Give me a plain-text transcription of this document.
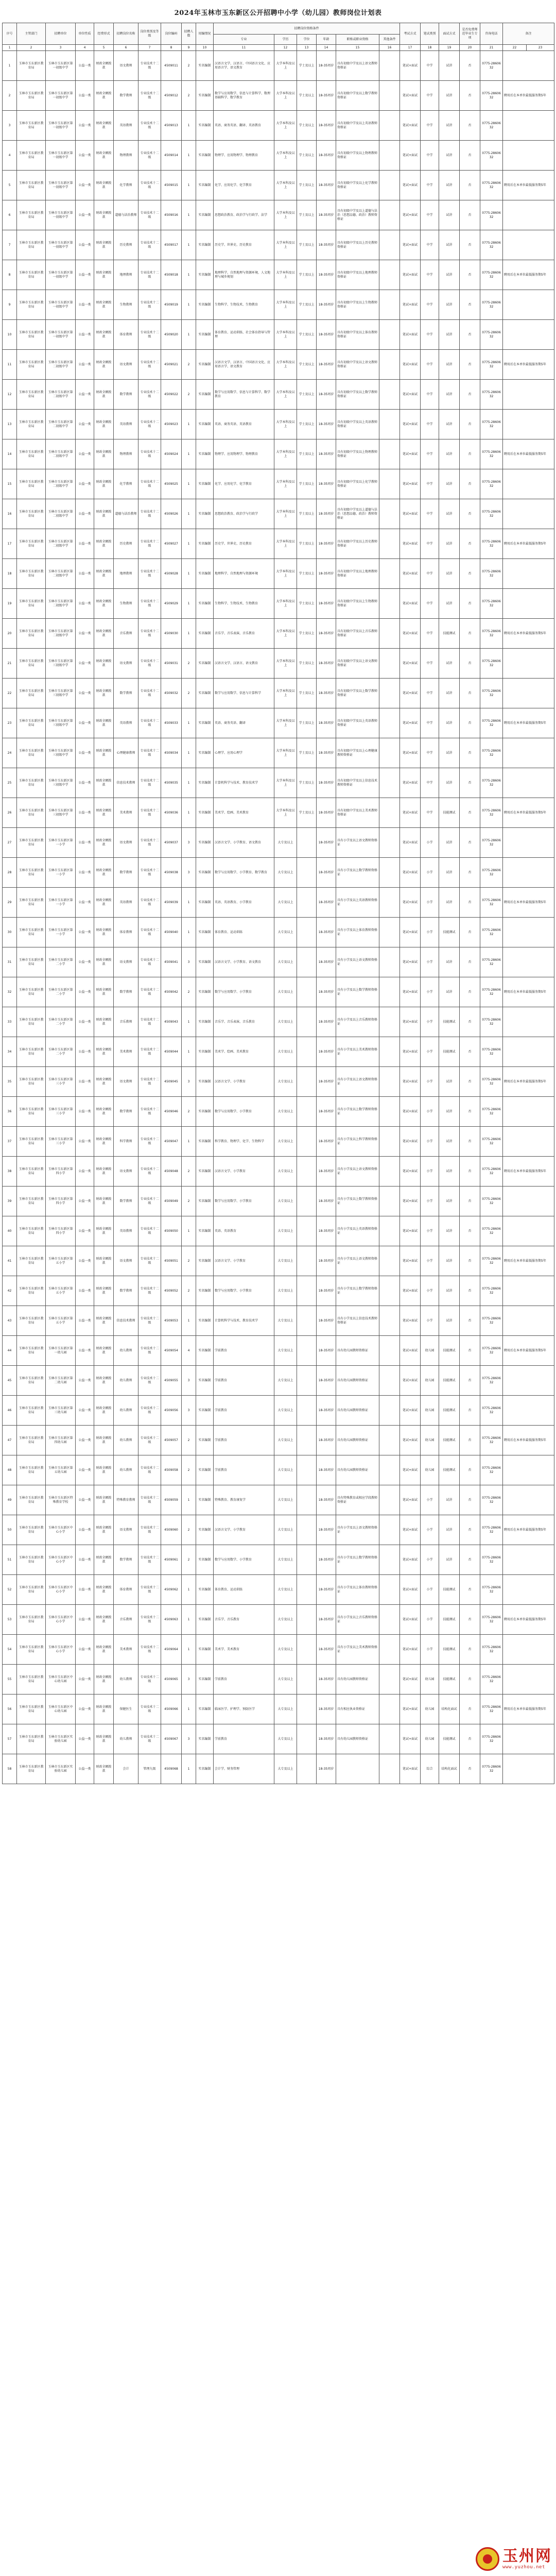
2024年玉林市玉东新区公开招聘中小学（幼儿园）教师岗位计划表
序号	主管部门	招聘单位	单位性质	经费形式	招聘岗位名称	岗位类别及等级	岗位编码	招聘人数	用编情况	招聘岗位资格条件						考试方式	笔试类别	面试方式	是否免费师范毕业生专项	咨询电话	备注	
										专业	学历	学位	年龄	职称或职业资格	其他条件							
1	2	3	4	5	6	7	8	9	10	11	12	13	14	15	16	17	18	19	20	21	22	23
1	玉林市玉东新区教育局	玉林市玉东新区第一初级中学	公益一类	财政全额拨款	语文教师	专业技术十二级	4509011	2	实名编制	汉语言文学、汉语言、中国语言文化、应用语言学、语文教育	大学本科及以上	学士及以上	18-35周岁	具有初级中学及以上语文教师资格证		笔试+面试	中学	试讲	否	0775-2860632		
2	玉林市玉东新区教育局	玉林市玉东新区第一初级中学	公益一类	财政全额拨款	数学教师	专业技术十二级	4509012	2	实名编制	数学与应用数学、信息与计算科学、数理基础科学、数学教育	大学本科及以上	学士及以上	18-35周岁	具有初级中学及以上数学教师资格证		笔试+面试	中学	试讲	否	0775-2860632	聘用后在本单位最低服务期5年	
3	玉林市玉东新区教育局	玉林市玉东新区第一初级中学	公益一类	财政全额拨款	英语教师	专业技术十二级	4509013	1	实名编制	英语、商务英语、翻译、英语教育	大学本科及以上	学士及以上	18-35周岁	具有初级中学及以上英语教师资格证		笔试+面试	中学	试讲	否	0775-2860632		
4	玉林市玉东新区教育局	玉林市玉东新区第一初级中学	公益一类	财政全额拨款	物理教师	专业技术十二级	4509014	1	实名编制	物理学、应用物理学、物理教育	大学本科及以上	学士及以上	18-35周岁	具有初级中学及以上物理教师资格证		笔试+面试	中学	试讲	否	0775-2860632		
5	玉林市玉东新区教育局	玉林市玉东新区第一初级中学	公益一类	财政全额拨款	化学教师	专业技术十二级	4509015	1	实名编制	化学、应用化学、化学教育	大学本科及以上	学士及以上	18-35周岁	具有初级中学及以上化学教师资格证		笔试+面试	中学	试讲	否	0775-2860632	聘用后在本单位最低服务期5年	
6	玉林市玉东新区教育局	玉林市玉东新区第一初级中学	公益一类	财政全额拨款	道德与法治教师	专业技术十二级	4509016	1	实名编制	思想政治教育、政治学与行政学、法学	大学本科及以上	学士及以上	18-35周岁	具有初级中学及以上道德与法治（思想品德、政治）教师资格证		笔试+面试	中学	试讲	否	0775-2860632		
7	玉林市玉东新区教育局	玉林市玉东新区第一初级中学	公益一类	财政全额拨款	历史教师	专业技术十二级	4509017	1	实名编制	历史学、世界史、历史教育	大学本科及以上	学士及以上	18-35周岁	具有初级中学及以上历史教师资格证		笔试+面试	中学	试讲	否	0775-2860632		
8	玉林市玉东新区教育局	玉林市玉东新区第一初级中学	公益一类	财政全额拨款	地理教师	专业技术十二级	4509018	1	实名编制	地理科学、自然地理与资源环境、人文地理与城乡规划	大学本科及以上	学士及以上	18-35周岁	具有初级中学及以上地理教师资格证		笔试+面试	中学	试讲	否	0775-2860632	聘用后在本单位最低服务期5年	
9	玉林市玉东新区教育局	玉林市玉东新区第一初级中学	公益一类	财政全额拨款	生物教师	专业技术十二级	4509019	1	实名编制	生物科学、生物技术、生物教育	大学本科及以上	学士及以上	18-35周岁	具有初级中学及以上生物教师资格证		笔试+面试	中学	试讲	否	0775-2860632		
10	玉林市玉东新区教育局	玉林市玉东新区第一初级中学	公益一类	财政全额拨款	体育教师	专业技术十二级	4509020	1	实名编制	体育教育、运动训练、社会体育指导与管理	大学本科及以上	学士及以上	18-35周岁	具有初级中学及以上体育教师资格证		笔试+面试	中学	试讲	否	0775-2860632		
11	玉林市玉东新区教育局	玉林市玉东新区第二初级中学	公益一类	财政全额拨款	语文教师	专业技术十二级	4509021	2	实名编制	汉语言文学、汉语言、中国语言文化、应用语言学、语文教育	大学本科及以上	学士及以上	18-35周岁	具有初级中学及以上语文教师资格证		笔试+面试	中学	试讲	否	0775-2860632	聘用后在本单位最低服务期5年	
12	玉林市玉东新区教育局	玉林市玉东新区第二初级中学	公益一类	财政全额拨款	数学教师	专业技术十二级	4509022	2	实名编制	数学与应用数学、信息与计算科学、数学教育	大学本科及以上	学士及以上	18-35周岁	具有初级中学及以上数学教师资格证		笔试+面试	中学	试讲	否	0775-2860632		
13	玉林市玉东新区教育局	玉林市玉东新区第二初级中学	公益一类	财政全额拨款	英语教师	专业技术十二级	4509023	1	实名编制	英语、商务英语、英语教育	大学本科及以上	学士及以上	18-35周岁	具有初级中学及以上英语教师资格证		笔试+面试	中学	试讲	否	0775-2860632		
14	玉林市玉东新区教育局	玉林市玉东新区第二初级中学	公益一类	财政全额拨款	物理教师	专业技术十二级	4509024	1	实名编制	物理学、应用物理学、物理教育	大学本科及以上	学士及以上	18-35周岁	具有初级中学及以上物理教师资格证		笔试+面试	中学	试讲	否	0775-2860632	聘用后在本单位最低服务期5年	
15	玉林市玉东新区教育局	玉林市玉东新区第二初级中学	公益一类	财政全额拨款	化学教师	专业技术十二级	4509025	1	实名编制	化学、应用化学、化学教育	大学本科及以上	学士及以上	18-35周岁	具有初级中学及以上化学教师资格证		笔试+面试	中学	试讲	否	0775-2860632		
16	玉林市玉东新区教育局	玉林市玉东新区第二初级中学	公益一类	财政全额拨款	道德与法治教师	专业技术十二级	4509026	1	实名编制	思想政治教育、政治学与行政学	大学本科及以上	学士及以上	18-35周岁	具有初级中学及以上道德与法治（思想品德、政治）教师资格证		笔试+面试	中学	试讲	否	0775-2860632		
17	玉林市玉东新区教育局	玉林市玉东新区第二初级中学	公益一类	财政全额拨款	历史教师	专业技术十二级	4509027	1	实名编制	历史学、世界史、历史教育	大学本科及以上	学士及以上	18-35周岁	具有初级中学及以上历史教师资格证		笔试+面试	中学	试讲	否	0775-2860632	聘用后在本单位最低服务期5年	
18	玉林市玉东新区教育局	玉林市玉东新区第二初级中学	公益一类	财政全额拨款	地理教师	专业技术十二级	4509028	1	实名编制	地理科学、自然地理与资源环境	大学本科及以上	学士及以上	18-35周岁	具有初级中学及以上地理教师资格证		笔试+面试	中学	试讲	否	0775-2860632		
19	玉林市玉东新区教育局	玉林市玉东新区第二初级中学	公益一类	财政全额拨款	生物教师	专业技术十二级	4509029	1	实名编制	生物科学、生物技术、生物教育	大学本科及以上	学士及以上	18-35周岁	具有初级中学及以上生物教师资格证		笔试+面试	中学	试讲	否	0775-2860632		
20	玉林市玉东新区教育局	玉林市玉东新区第二初级中学	公益一类	财政全额拨款	音乐教师	专业技术十二级	4509030	1	实名编制	音乐学、音乐表演、音乐教育	大学本科及以上	学士及以上	18-35周岁	具有初级中学及以上音乐教师资格证		笔试+面试	中学	技能测试	否	0775-2860632	聘用后在本单位最低服务期5年	
21	玉林市玉东新区教育局	玉林市玉东新区第三初级中学	公益一类	财政全额拨款	语文教师	专业技术十二级	4509031	2	实名编制	汉语言文学、汉语言、语文教育	大学本科及以上	学士及以上	18-35周岁	具有初级中学及以上语文教师资格证		笔试+面试	中学	试讲	否	0775-2860632		
22	玉林市玉东新区教育局	玉林市玉东新区第三初级中学	公益一类	财政全额拨款	数学教师	专业技术十二级	4509032	2	实名编制	数学与应用数学、信息与计算科学	大学本科及以上	学士及以上	18-35周岁	具有初级中学及以上数学教师资格证		笔试+面试	中学	试讲	否	0775-2860632		
23	玉林市玉东新区教育局	玉林市玉东新区第三初级中学	公益一类	财政全额拨款	英语教师	专业技术十二级	4509033	1	实名编制	英语、商务英语、翻译	大学本科及以上	学士及以上	18-35周岁	具有初级中学及以上英语教师资格证		笔试+面试	中学	试讲	否	0775-2860632	聘用后在本单位最低服务期5年	
24	玉林市玉东新区教育局	玉林市玉东新区第三初级中学	公益一类	财政全额拨款	心理健康教师	专业技术十二级	4509034	1	实名编制	心理学、应用心理学	大学本科及以上	学士及以上	18-35周岁	具有初级中学及以上心理健康教师资格证		笔试+面试	中学	试讲	否	0775-2860632		
25	玉林市玉东新区教育局	玉林市玉东新区第三初级中学	公益一类	财政全额拨款	信息技术教师	专业技术十二级	4509035	1	实名编制	计算机科学与技术、教育技术学	大学本科及以上	学士及以上	18-35周岁	具有初级中学及以上信息技术教师资格证		笔试+面试	中学	试讲	否	0775-2860632		
26	玉林市玉东新区教育局	玉林市玉东新区第三初级中学	公益一类	财政全额拨款	美术教师	专业技术十二级	4509036	1	实名编制	美术学、绘画、美术教育	大学本科及以上	学士及以上	18-35周岁	具有初级中学及以上美术教师资格证		笔试+面试	中学	技能测试	否	0775-2860632	聘用后在本单位最低服务期5年	
27	玉林市玉东新区教育局	玉林市玉东新区第一小学	公益一类	财政全额拨款	语文教师	专业技术十二级	4509037	3	实名编制	汉语言文学、小学教育、语文教育	大专及以上		18-35周岁	具有小学及以上语文教师资格证		笔试+面试	小学	试讲	否	0775-2860632		
28	玉林市玉东新区教育局	玉林市玉东新区第一小学	公益一类	财政全额拨款	数学教师	专业技术十二级	4509038	3	实名编制	数学与应用数学、小学教育、数学教育	大专及以上		18-35周岁	具有小学及以上数学教师资格证		笔试+面试	小学	试讲	否	0775-2860632		
29	玉林市玉东新区教育局	玉林市玉东新区第一小学	公益一类	财政全额拨款	英语教师	专业技术十二级	4509039	1	实名编制	英语、英语教育、小学教育	大专及以上		18-35周岁	具有小学及以上英语教师资格证		笔试+面试	小学	试讲	否	0775-2860632	聘用后在本单位最低服务期5年	
30	玉林市玉东新区教育局	玉林市玉东新区第一小学	公益一类	财政全额拨款	体育教师	专业技术十二级	4509040	1	实名编制	体育教育、运动训练	大专及以上		18-35周岁	具有小学及以上体育教师资格证		笔试+面试	小学	技能测试	否	0775-2860632		
31	玉林市玉东新区教育局	玉林市玉东新区第二小学	公益一类	财政全额拨款	语文教师	专业技术十二级	4509041	3	实名编制	汉语言文学、小学教育、语文教育	大专及以上		18-35周岁	具有小学及以上语文教师资格证		笔试+面试	小学	试讲	否	0775-2860632		
32	玉林市玉东新区教育局	玉林市玉东新区第二小学	公益一类	财政全额拨款	数学教师	专业技术十二级	4509042	2	实名编制	数学与应用数学、小学教育	大专及以上		18-35周岁	具有小学及以上数学教师资格证		笔试+面试	小学	试讲	否	0775-2860632	聘用后在本单位最低服务期5年	
33	玉林市玉东新区教育局	玉林市玉东新区第二小学	公益一类	财政全额拨款	音乐教师	专业技术十二级	4509043	1	实名编制	音乐学、音乐表演、音乐教育	大专及以上		18-35周岁	具有小学及以上音乐教师资格证		笔试+面试	小学	技能测试	否	0775-2860632		
34	玉林市玉东新区教育局	玉林市玉东新区第二小学	公益一类	财政全额拨款	美术教师	专业技术十二级	4509044	1	实名编制	美术学、绘画、美术教育	大专及以上		18-35周岁	具有小学及以上美术教师资格证		笔试+面试	小学	技能测试	否	0775-2860632		
35	玉林市玉东新区教育局	玉林市玉东新区第三小学	公益一类	财政全额拨款	语文教师	专业技术十二级	4509045	3	实名编制	汉语言文学、小学教育	大专及以上		18-35周岁	具有小学及以上语文教师资格证		笔试+面试	小学	试讲	否	0775-2860632	聘用后在本单位最低服务期5年	
36	玉林市玉东新区教育局	玉林市玉东新区第三小学	公益一类	财政全额拨款	数学教师	专业技术十二级	4509046	2	实名编制	数学与应用数学、小学教育	大专及以上		18-35周岁	具有小学及以上数学教师资格证		笔试+面试	小学	试讲	否	0775-2860632		
37	玉林市玉东新区教育局	玉林市玉东新区第三小学	公益一类	财政全额拨款	科学教师	专业技术十二级	4509047	1	实名编制	科学教育、物理学、化学、生物科学	大专及以上		18-35周岁	具有小学及以上科学教师资格证		笔试+面试	小学	试讲	否	0775-2860632		
38	玉林市玉东新区教育局	玉林市玉东新区第四小学	公益一类	财政全额拨款	语文教师	专业技术十二级	4509048	2	实名编制	汉语言文学、小学教育	大专及以上		18-35周岁	具有小学及以上语文教师资格证		笔试+面试	小学	试讲	否	0775-2860632	聘用后在本单位最低服务期5年	
39	玉林市玉东新区教育局	玉林市玉东新区第四小学	公益一类	财政全额拨款	数学教师	专业技术十二级	4509049	2	实名编制	数学与应用数学、小学教育	大专及以上		18-35周岁	具有小学及以上数学教师资格证		笔试+面试	小学	试讲	否	0775-2860632		
40	玉林市玉东新区教育局	玉林市玉东新区第四小学	公益一类	财政全额拨款	英语教师	专业技术十二级	4509050	1	实名编制	英语、英语教育	大专及以上		18-35周岁	具有小学及以上英语教师资格证		笔试+面试	小学	试讲	否	0775-2860632		
41	玉林市玉东新区教育局	玉林市玉东新区第五小学	公益一类	财政全额拨款	语文教师	专业技术十二级	4509051	2	实名编制	汉语言文学、小学教育	大专及以上		18-35周岁	具有小学及以上语文教师资格证		笔试+面试	小学	试讲	否	0775-2860632	聘用后在本单位最低服务期5年	
42	玉林市玉东新区教育局	玉林市玉东新区第五小学	公益一类	财政全额拨款	数学教师	专业技术十二级	4509052	2	实名编制	数学与应用数学、小学教育	大专及以上		18-35周岁	具有小学及以上数学教师资格证		笔试+面试	小学	试讲	否	0775-2860632		
43	玉林市玉东新区教育局	玉林市玉东新区第五小学	公益一类	财政全额拨款	信息技术教师	专业技术十二级	4509053	1	实名编制	计算机科学与技术、教育技术学	大专及以上		18-35周岁	具有小学及以上信息技术教师资格证		笔试+面试	小学	试讲	否	0775-2860632		
44	玉林市玉东新区教育局	玉林市玉东新区第一幼儿园	公益一类	财政全额拨款	幼儿教师	专业技术十二级	4509054	4	实名编制	学前教育	大专及以上		18-35周岁	具有幼儿园教师资格证		笔试+面试	幼儿园	技能测试	否	0775-2860632	聘用后在本单位最低服务期5年	
45	玉林市玉东新区教育局	玉林市玉东新区第二幼儿园	公益一类	财政全额拨款	幼儿教师	专业技术十二级	4509055	3	实名编制	学前教育	大专及以上		18-35周岁	具有幼儿园教师资格证		笔试+面试	幼儿园	技能测试	否	0775-2860632		
46	玉林市玉东新区教育局	玉林市玉东新区第三幼儿园	公益一类	财政全额拨款	幼儿教师	专业技术十二级	4509056	3	实名编制	学前教育	大专及以上		18-35周岁	具有幼儿园教师资格证		笔试+面试	幼儿园	技能测试	否	0775-2860632		
47	玉林市玉东新区教育局	玉林市玉东新区第四幼儿园	公益一类	财政全额拨款	幼儿教师	专业技术十二级	4509057	2	实名编制	学前教育	大专及以上		18-35周岁	具有幼儿园教师资格证		笔试+面试	幼儿园	技能测试	否	0775-2860632	聘用后在本单位最低服务期5年	
48	玉林市玉东新区教育局	玉林市玉东新区第五幼儿园	公益一类	财政全额拨款	幼儿教师	专业技术十二级	4509058	2	实名编制	学前教育	大专及以上		18-35周岁	具有幼儿园教师资格证		笔试+面试	幼儿园	技能测试	否	0775-2860632		
49	玉林市玉东新区教育局	玉林市玉东新区特殊教育学校	公益一类	财政全额拨款	特殊教育教师	专业技术十二级	4509059	1	实名编制	特殊教育、教育康复学	大专及以上		18-35周岁	具有特殊教育或相应学段教师资格证		笔试+面试	小学	试讲	否	0775-2860632		
50	玉林市玉东新区教育局	玉林市玉东新区中心小学	公益一类	财政全额拨款	语文教师	专业技术十二级	4509060	2	实名编制	汉语言文学、小学教育	大专及以上		18-35周岁	具有小学及以上语文教师资格证		笔试+面试	小学	试讲	否	0775-2860632	聘用后在本单位最低服务期5年	
51	玉林市玉东新区教育局	玉林市玉东新区中心小学	公益一类	财政全额拨款	数学教师	专业技术十二级	4509061	2	实名编制	数学与应用数学、小学教育	大专及以上		18-35周岁	具有小学及以上数学教师资格证		笔试+面试	小学	试讲	否	0775-2860632		
52	玉林市玉东新区教育局	玉林市玉东新区中心小学	公益一类	财政全额拨款	体育教师	专业技术十二级	4509062	1	实名编制	体育教育、运动训练	大专及以上		18-35周岁	具有小学及以上体育教师资格证		笔试+面试	小学	技能测试	否	0775-2860632		
53	玉林市玉东新区教育局	玉林市玉东新区中心小学	公益一类	财政全额拨款	音乐教师	专业技术十二级	4509063	1	实名编制	音乐学、音乐教育	大专及以上		18-35周岁	具有小学及以上音乐教师资格证		笔试+面试	小学	技能测试	否	0775-2860632	聘用后在本单位最低服务期5年	
54	玉林市玉东新区教育局	玉林市玉东新区中心小学	公益一类	财政全额拨款	美术教师	专业技术十二级	4509064	1	实名编制	美术学、美术教育	大专及以上		18-35周岁	具有小学及以上美术教师资格证		笔试+面试	小学	技能测试	否	0775-2860632		
55	玉林市玉东新区教育局	玉林市玉东新区中心幼儿园	公益一类	财政全额拨款	幼儿教师	专业技术十二级	4509065	3	实名编制	学前教育	大专及以上		18-35周岁	具有幼儿园教师资格证		笔试+面试	幼儿园	技能测试	否	0775-2860632		
56	玉林市玉东新区教育局	玉林市玉东新区中心幼儿园	公益一类	财政全额拨款	保健医生	专业技术十二级	4509066	1	实名编制	临床医学、护理学、预防医学	大专及以上		18-35周岁	具有相应执业资格证		笔试+面试	幼儿园	结构化面试	否	0775-2860632	聘用后在本单位最低服务期5年	
57	玉林市玉东新区教育局	玉林市玉东新区实验幼儿园	公益一类	财政全额拨款	幼儿教师	专业技术十二级	4509067	3	实名编制	学前教育	大专及以上		18-35周岁	具有幼儿园教师资格证		笔试+面试	幼儿园	技能测试	否	0775-2860632		
58	玉林市玉东新区教育局	玉林市玉东新区实验幼儿园	公益一类	财政全额拨款	会计	管理九级	4509068	1	实名编制	会计学、财务管理	大专及以上		18-35周岁			笔试+面试	综合	结构化面试	否	0775-2860632		
玉州网
www.yuzhou.net
